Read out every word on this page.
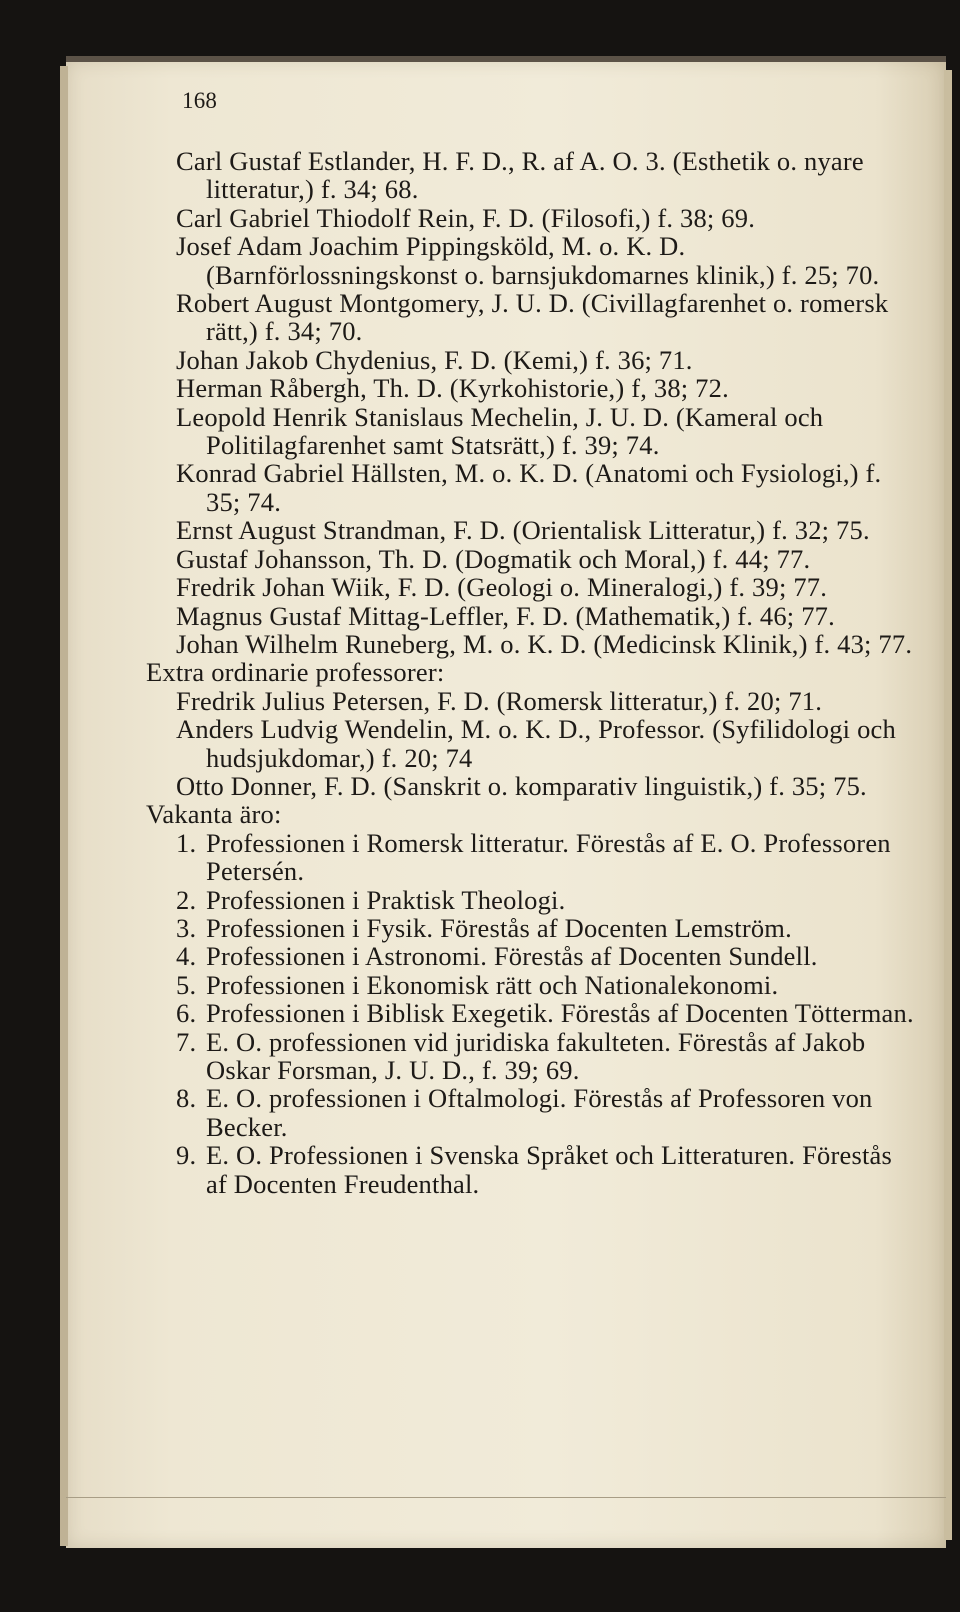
168

Carl Gustaf Estlander, H. F. D., R. af A. O. 3. (Esthetik o. nyare litteratur,) f. 34; 68.

Carl Gabriel Thiodolf Rein, F. D. (Filosofi,) f. 38; 69.

Josef Adam Joachim Pippingsköld, M. o. K. D. (Barnförlossningskonst o. barnsjukdomarnes klinik,) f. 25; 70.

Robert August Montgomery, J. U. D. (Civillagfarenhet o. romersk rätt,) f. 34; 70.

Johan Jakob Chydenius, F. D. (Kemi,) f. 36; 71.

Herman Råbergh, Th. D. (Kyrkohistorie,) f, 38; 72.

Leopold Henrik Stanislaus Mechelin, J. U. D. (Kameral och Politilagfarenhet samt Statsrätt,) f. 39; 74.

Konrad Gabriel Hällsten, M. o. K. D. (Anatomi och Fysiologi,) f. 35; 74.

Ernst August Strandman, F. D. (Orientalisk Litteratur,) f. 32; 75.

Gustaf Johansson, Th. D. (Dogmatik och Moral,) f. 44; 77.

Fredrik Johan Wiik, F. D. (Geologi o. Mineralogi,) f. 39; 77.

Magnus Gustaf Mittag-Leffler, F. D. (Mathematik,) f. 46; 77.

Johan Wilhelm Runeberg, M. o. K. D. (Medicinsk Klinik,) f. 43; 77.

Extra ordinarie professorer:

Fredrik Julius Petersen, F. D. (Romersk litteratur,) f. 20; 71.

Anders Ludvig Wendelin, M. o. K. D., Professor. (Syfilidologi och hudsjukdomar,) f. 20; 74

Otto Donner, F. D. (Sanskrit o. komparativ linguistik,) f. 35; 75.

Vakanta äro:

1. Professionen i Romersk litteratur. Förestås af E. O. Professoren Petersén.
2. Professionen i Praktisk Theologi.
3. Professionen i Fysik. Förestås af Docenten Lemström.
4. Professionen i Astronomi. Förestås af Docenten Sundell.
5. Professionen i Ekonomisk rätt och Nationalekonomi.
6. Professionen i Biblisk Exegetik. Förestås af Docenten Tötterman.
7. E. O. professionen vid juridiska fakulteten. Förestås af Jakob Oskar Forsman, J. U. D., f. 39; 69.
8. E. O. professionen i Oftalmologi. Förestås af Professoren von Becker.
9. E. O. Professionen i Svenska Språket och Litteraturen. Förestås af Docenten Freudenthal.
